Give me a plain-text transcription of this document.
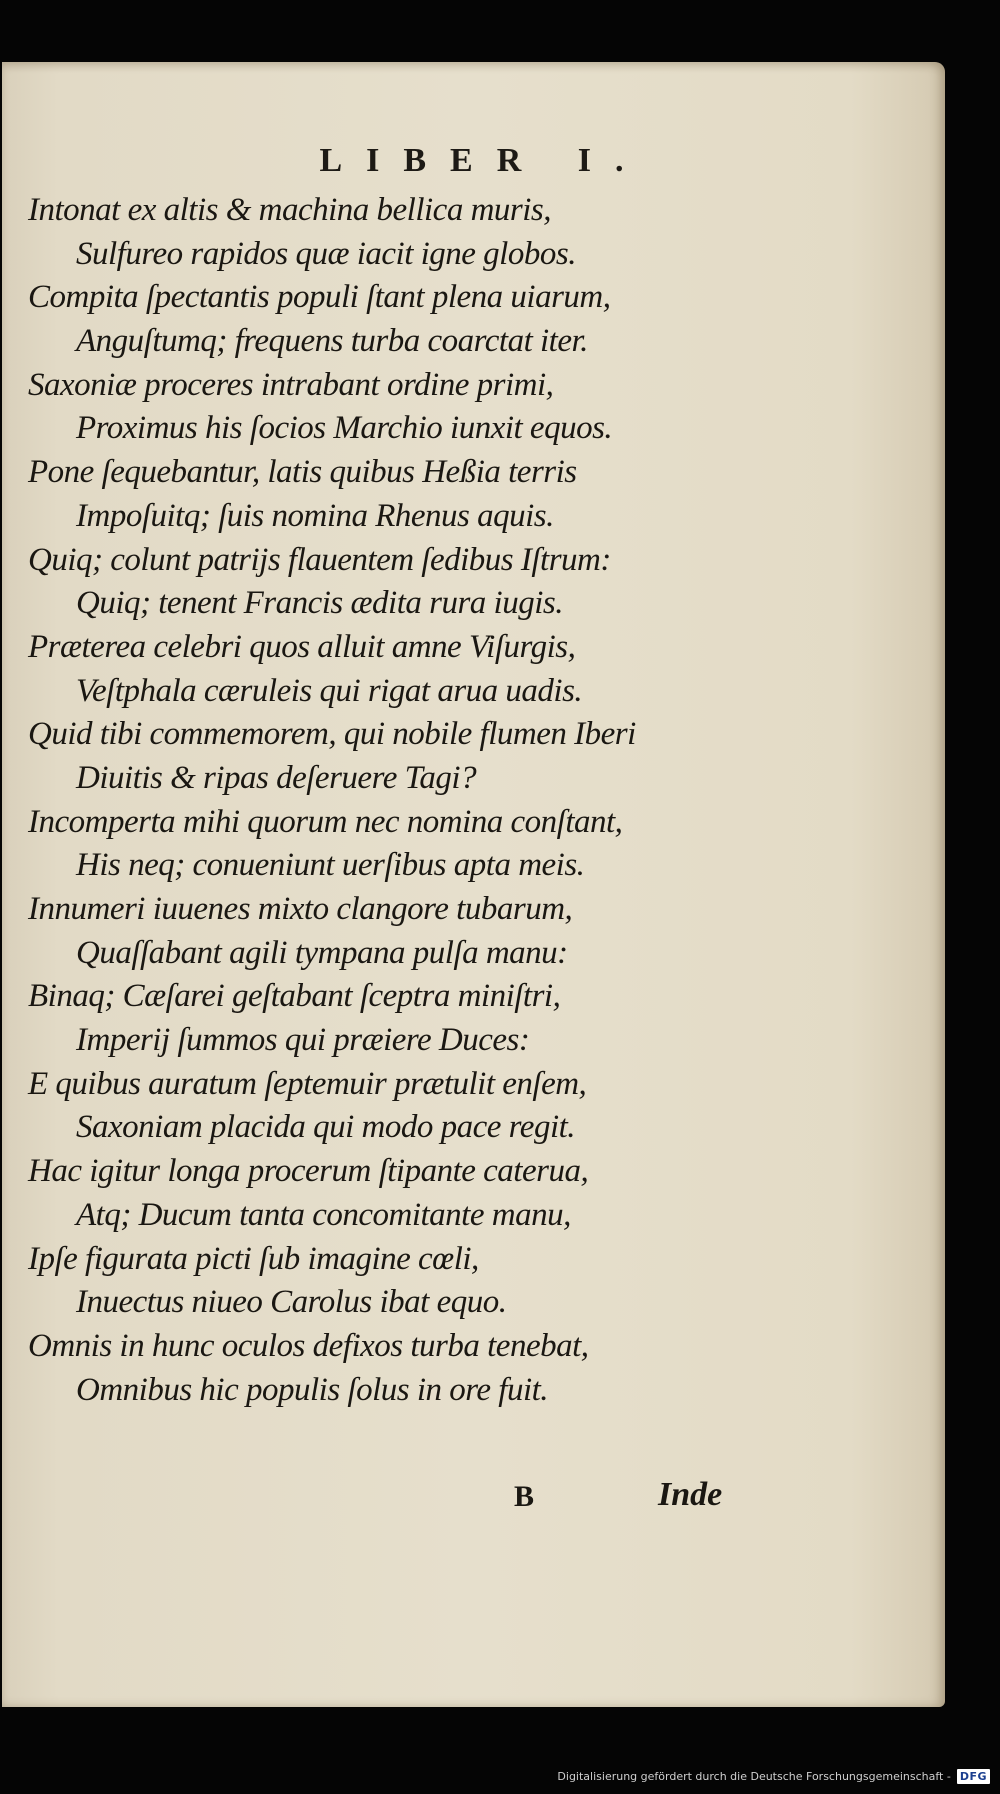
LIBER I.
Intonat ex altis & machina bellica muris,
Sulfureo rapidos quæ iacit igne globos.
Compita ſpectantis populi ſtant plena uiarum,
Anguſtumq; frequens turba coarctat iter.
Saxoniæ proceres intrabant ordine primi,
Proximus his ſocios Marchio iunxit equos.
Pone ſequebantur, latis quibus Heßia terris
Impoſuitq; ſuis nomina Rhenus aquis.
Quiq; colunt patrijs flauentem ſedibus Iſtrum:
Quiq; tenent Francis ædita rura iugis.
Præterea celebri quos alluit amne Viſurgis,
Veſtphala cæruleis qui rigat arua uadis.
Quid tibi commemorem, qui nobile flumen Iberi
Diuitis & ripas deſeruere Tagi?
Incomperta mihi quorum nec nomina conſtant,
His neq; conueniunt uerſibus apta meis.
Innumeri iuuenes mixto clangore tubarum,
Quaſſabant agili tympana pulſa manu:
Binaq; Cæſarei geſtabant ſceptra miniſtri,
Imperij ſummos qui præiere Duces:
E quibus auratum ſeptemuir prætulit enſem,
Saxoniam placida qui modo pace regit.
Hac igitur longa procerum ſtipante caterua,
Atq; Ducum tanta concomitante manu,
Ipſe figurata picti ſub imagine cœli,
Inuectus niueo Carolus ibat equo.
Omnis in hunc oculos defixos turba tenebat,
Omnibus hic populis ſolus in ore fuit.
B	Inde
Digitalisierung gefördert durch die Deutsche Forschungsgemeinschaft - DFG
